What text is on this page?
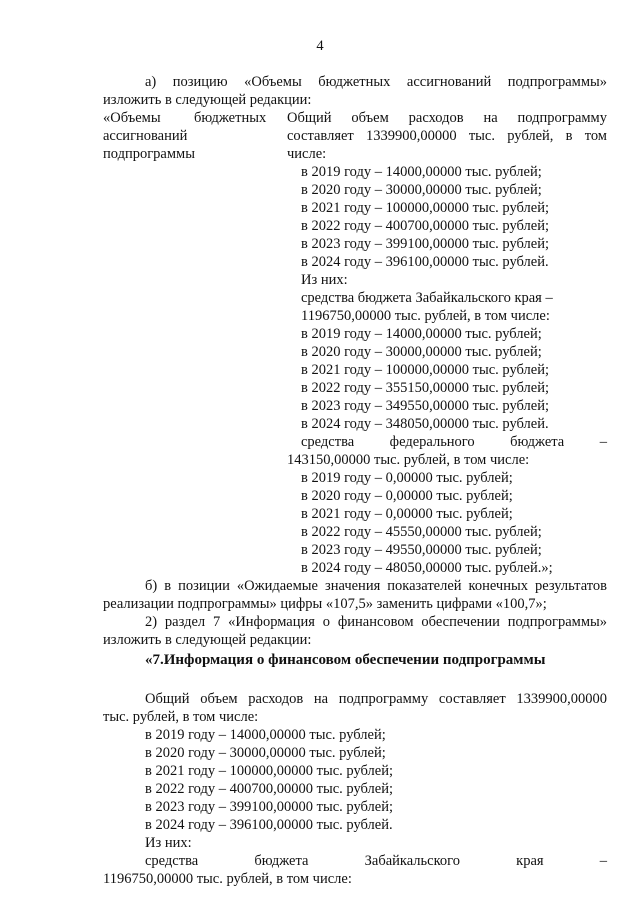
4
а) позицию «Объемы бюджетных ассигнований подпрограммы»
изложить в следующей редакции:
«Объемы бюджетных
ассигнований
подпрограммы
Общий объем расходов на подпрограмму
составляет 1339900,00000 тыс. рублей, в том
числе:
в 2019 году – 14000,00000 тыс. рублей;
в 2020 году – 30000,00000 тыс. рублей;
в 2021 году – 100000,00000 тыс. рублей;
в 2022 году – 400700,00000 тыс. рублей;
в 2023 году – 399100,00000 тыс. рублей;
в 2024 году – 396100,00000 тыс. рублей.
Из них:
средства бюджета Забайкальского края –
1196750,00000 тыс. рублей, в том числе:
в 2019 году – 14000,00000 тыс. рублей;
в 2020 году – 30000,00000 тыс. рублей;
в 2021 году – 100000,00000 тыс. рублей;
в 2022 году – 355150,00000 тыс. рублей;
в 2023 году – 349550,00000 тыс. рублей;
в 2024 году – 348050,00000 тыс. рублей.
средства федерального бюджета –
143150,00000 тыс. рублей, в том числе:
в 2019 году – 0,00000 тыс. рублей;
в 2020 году – 0,00000 тыс. рублей;
в 2021 году – 0,00000 тыс. рублей;
в 2022 году – 45550,00000 тыс. рублей;
в 2023 году – 49550,00000 тыс. рублей;
в 2024 году – 48050,00000 тыс. рублей.»;
б) в позиции «Ожидаемые значения показателей конечных результатов
реализации подпрограммы» цифры «107,5» заменить цифрами «100,7»;
2) раздел 7 «Информация о финансовом обеспечении подпрограммы»
изложить в следующей редакции:
«7.Информация о финансовом обеспечении подпрограммы
Общий объем расходов на подпрограмму составляет 1339900,00000
тыс. рублей, в том числе:
в 2019 году – 14000,00000 тыс. рублей;
в 2020 году – 30000,00000 тыс. рублей;
в 2021 году – 100000,00000 тыс. рублей;
в 2022 году – 400700,00000 тыс. рублей;
в 2023 году – 399100,00000 тыс. рублей;
в 2024 году – 396100,00000 тыс. рублей.
Из них:
средства бюджета Забайкальского края –
1196750,00000 тыс. рублей, в том числе:
